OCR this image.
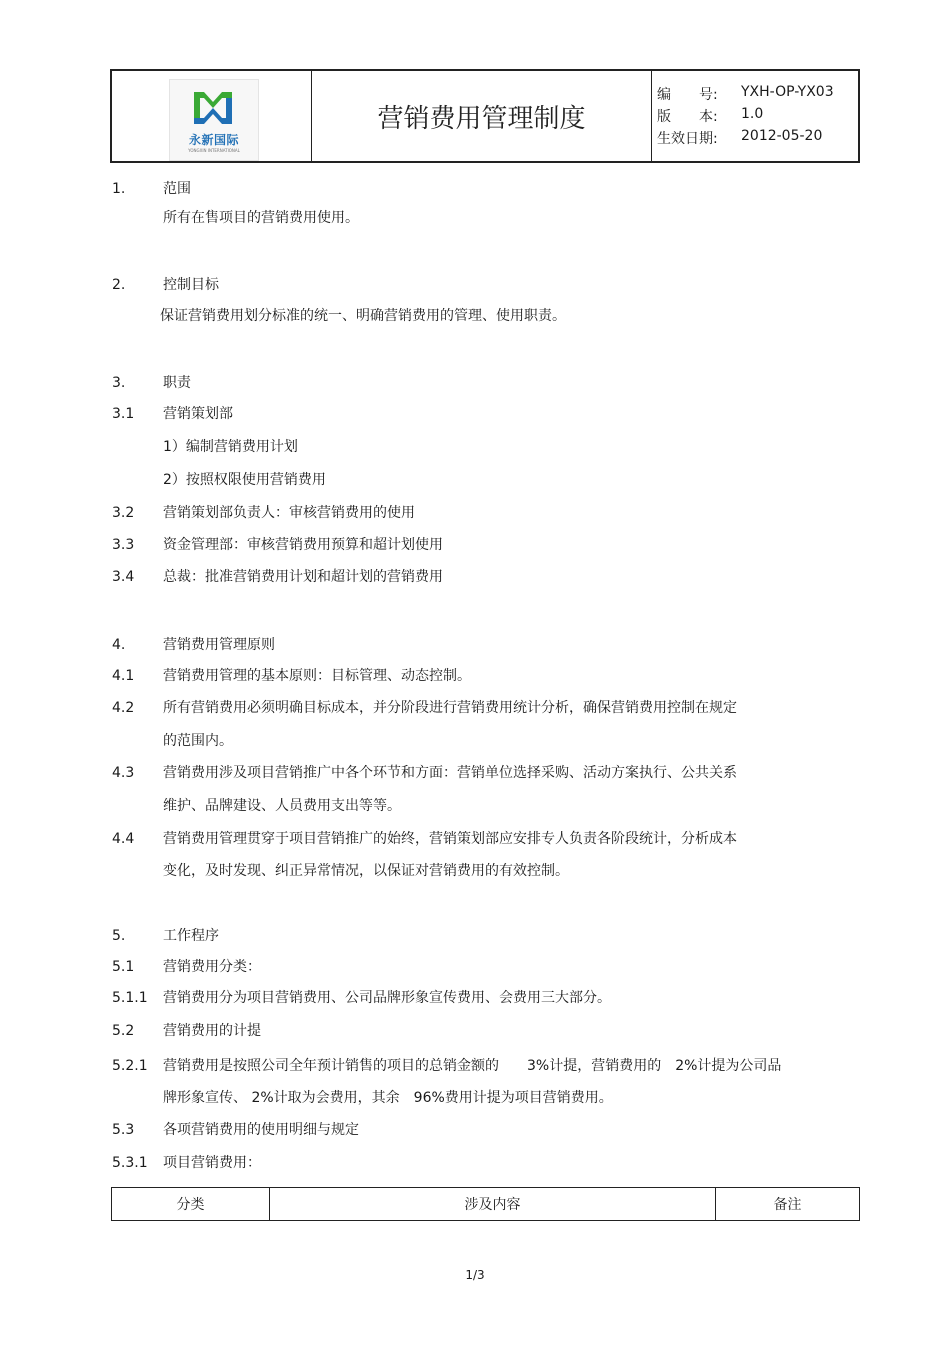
永新国际
YONGXIN INTERNATIONAL
营销费用管理制度
编　　号:	YXH-OP-YX03
版　　本:	1.0
生效日期:	2012-05-20
1.	范围
所有在售项目的营销费用使用。
2.	控制目标
保证营销费用划分标准的统一、明确营销费用的管理、使用职责。
3.	职责
3.1 营销策划部
1）编制营销费用计划
2）按照权限使用营销费用
3.2 营销策划部负责人：审核营销费用的使用
3.3 资金管理部：审核营销费用预算和超计划使用
3.4 总裁：批准营销费用计划和超计划的营销费用
4.	营销费用管理原则
4.1 营销费用管理的基本原则：目标管理、动态控制。
4.2 所有营销费用必须明确目标成本，并分阶段进行营销费用统计分析，确保营销费用控制在规定
的范围内。
4.3 营销费用涉及项目营销推广中各个环节和方面：营销单位选择采购、活动方案执行、公共关系
维护、品牌建设、人员费用支出等等。
4.4 营销费用管理贯穿于项目营销推广的始终，营销策划部应安排专人负责各阶段统计，分析成本
变化，及时发现、纠正异常情况，以保证对营销费用的有效控制。
5.	工作程序
5.1 营销费用分类：
5.1.1 营销费用分为项目营销费用、公司品牌形象宣传费用、会费用三大部分。
5.2 营销费用的计提
5.2.1 营销费用是按照公司全年预计销售的项目的总销金额的　　3%计提，营销费用的　2%计提为公司品
牌形象宣传、 2%计取为会费用，其余　96%费用计提为项目营销费用。
5.3 各项营销费用的使用明细与规定
5.3.1 项目营销费用：
分类	涉及内容	备注
1/3
